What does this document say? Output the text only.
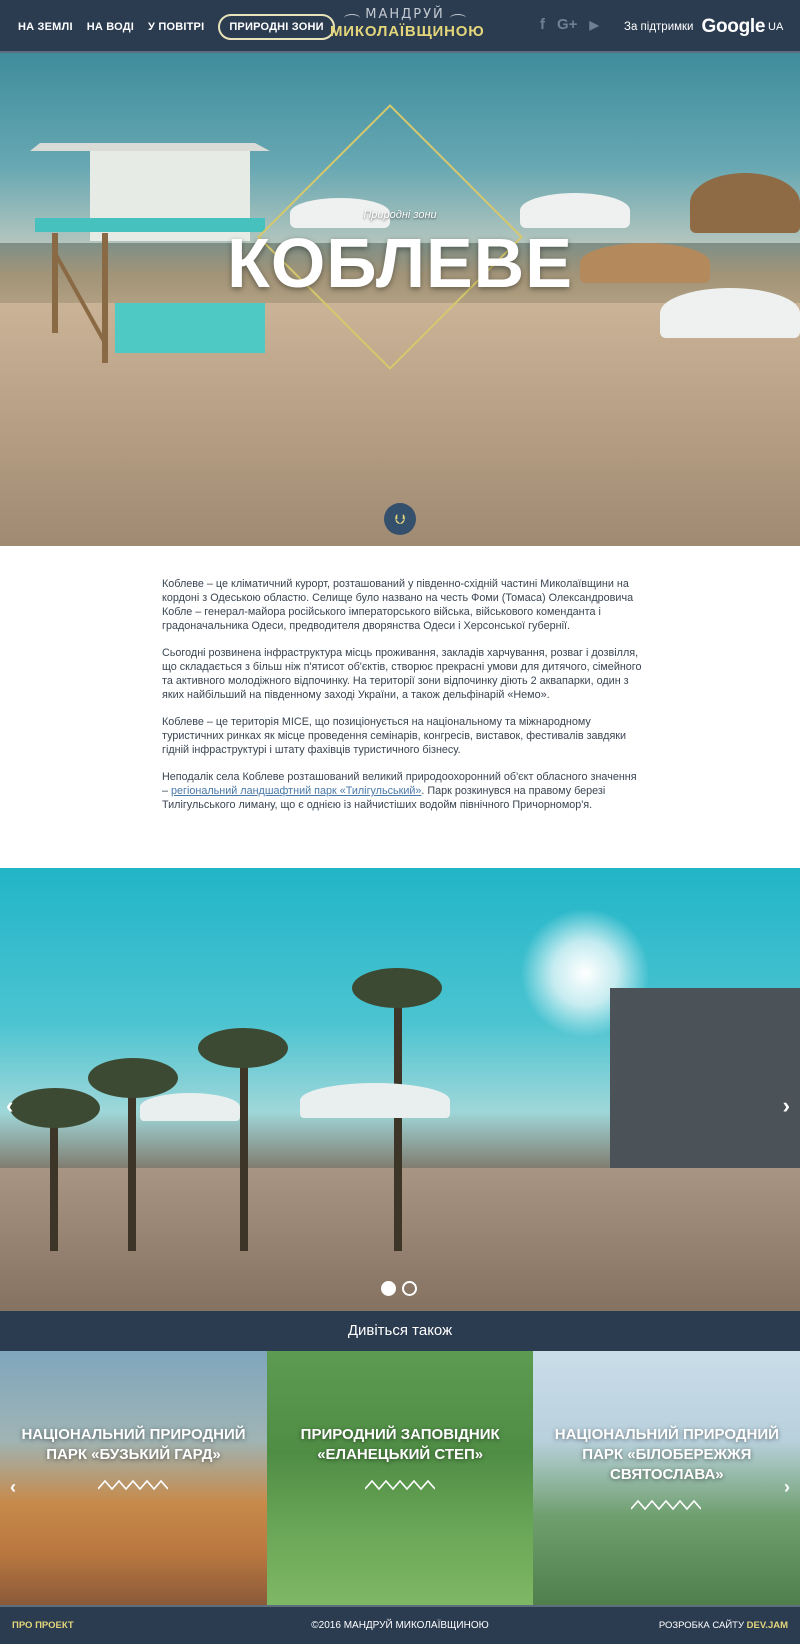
НА ЗЕМЛІ НА ВОДІ У ПОВІТРІ	ПРИРОДНІ ЗОНИ
МАНДРУЙ
МИКОЛАЇВЩИНОЮ	f G+ ▶ За підтримки Google UA
Природні зони
КОБЛЕВЕ
⮋

Коблеве – це кліматичний курорт, розташований у південно-східній частині Миколаївщини на кордоні з Одеською областю. Селище було названо на честь Фоми (Томаса) Олександровича Кобле – генерал-майора російського імператорського війська, військового коменданта і градоначальника Одеси, предводителя дворянства Одеси і Херсонської губернії.

Сьогодні розвинена інфраструктура місць проживання, закладів харчування, розваг і дозвілля, що складається з більш ніж п'ятисот об'єктів, створює прекрасні умови для дитячого, сімейного та активного молодіжного відпочинку. На території зони відпочинку діють 2 аквапарки, один з яких найбільший на південному заході України, а також дельфінарій «Немо».

Коблеве – це територія MICE, що позиціонується на національному та міжнародному туристичних ринках як місце проведення семінарів, конгресів, виставок, фестивалів завдяки гідній інфраструктурі і штату фахівців туристичного бізнесу.

Неподалік села Коблеве розташований великий природоохоронний об'єкт обласного значення – регіональний ландшафтний парк «Тилігульський». Парк розкинувся на правому березі Тилігульського лиману, що є однією із найчистіших водойм північного Причорномор'я.

‹	›
Дивіться також
‹
НАЦІОНАЛЬНИЙ ПРИРОДНИЙ ПАРК «БУЗЬКИЙ ГАРД»
ПРИРОДНИЙ ЗАПОВІДНИК «ЕЛАНЕЦЬКИЙ СТЕП»
НАЦІОНАЛЬНИЙ ПРИРОДНИЙ ПАРК «БІЛОБЕРЕЖЖЯ СВЯТОСЛАВА»
›
ПРО ПРОЕКТ	©2016 МАНДРУЙ МИКОЛАЇВЩИНОЮ	РОЗРОБКА САЙТУ DEV.JAM
